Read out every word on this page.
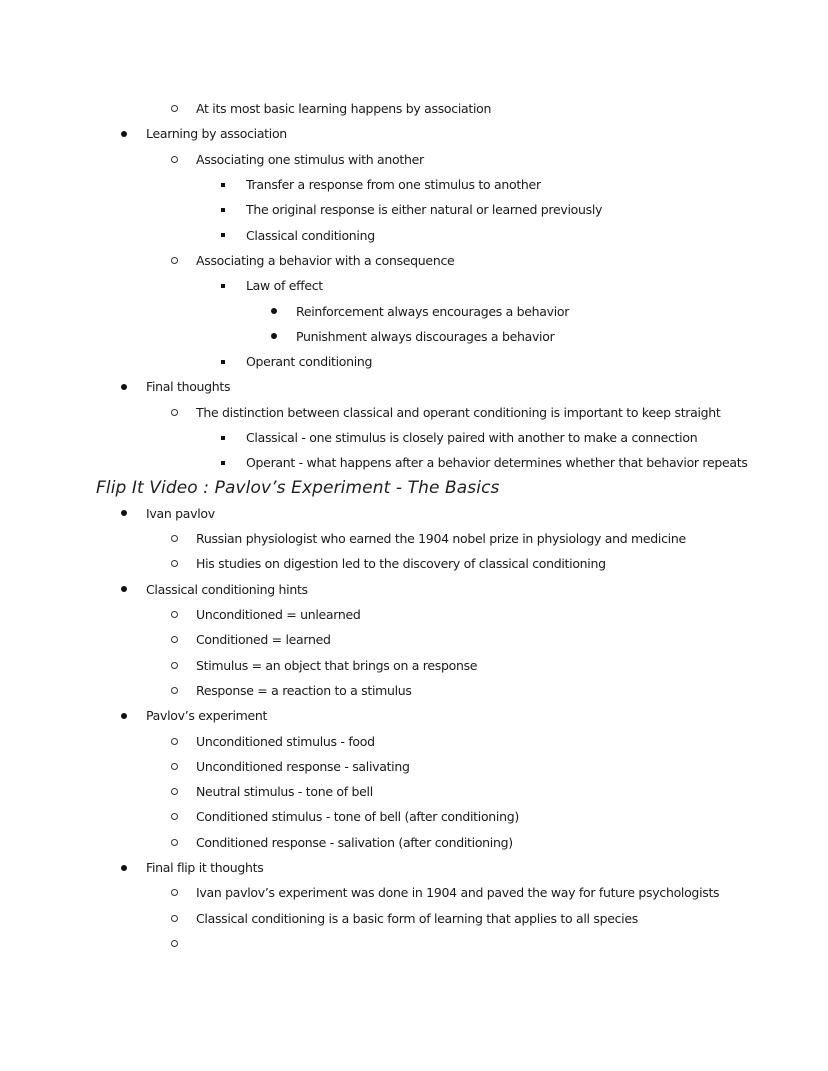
At its most basic learning happens by association
Learning by association
Associating one stimulus with another
Transfer a response from one stimulus to another
The original response is either natural or learned previously
Classical conditioning
Associating a behavior with a consequence
Law of effect
Reinforcement always encourages a behavior
Punishment always discourages a behavior
Operant conditioning
Final thoughts
The distinction between classical and operant conditioning is important to keep straight
Classical - one stimulus is closely paired with another to make a connection
Operant - what happens after a behavior determines whether that behavior repeats
Flip It Video : Pavlov’s Experiment - The Basics
Ivan pavlov
Russian physiologist who earned the 1904 nobel prize in physiology and medicine
His studies on digestion led to the discovery of classical conditioning
Classical conditioning hints
Unconditioned = unlearned
Conditioned = learned
Stimulus = an object that brings on a response
Response = a reaction to a stimulus
Pavlov’s experiment
Unconditioned stimulus - food
Unconditioned response - salivating
Neutral stimulus - tone of bell
Conditioned stimulus - tone of bell (after conditioning)
Conditioned response - salivation (after conditioning)
Final flip it thoughts
Ivan pavlov’s experiment was done in 1904 and paved the way for future psychologists
Classical conditioning is a basic form of learning that applies to all species
